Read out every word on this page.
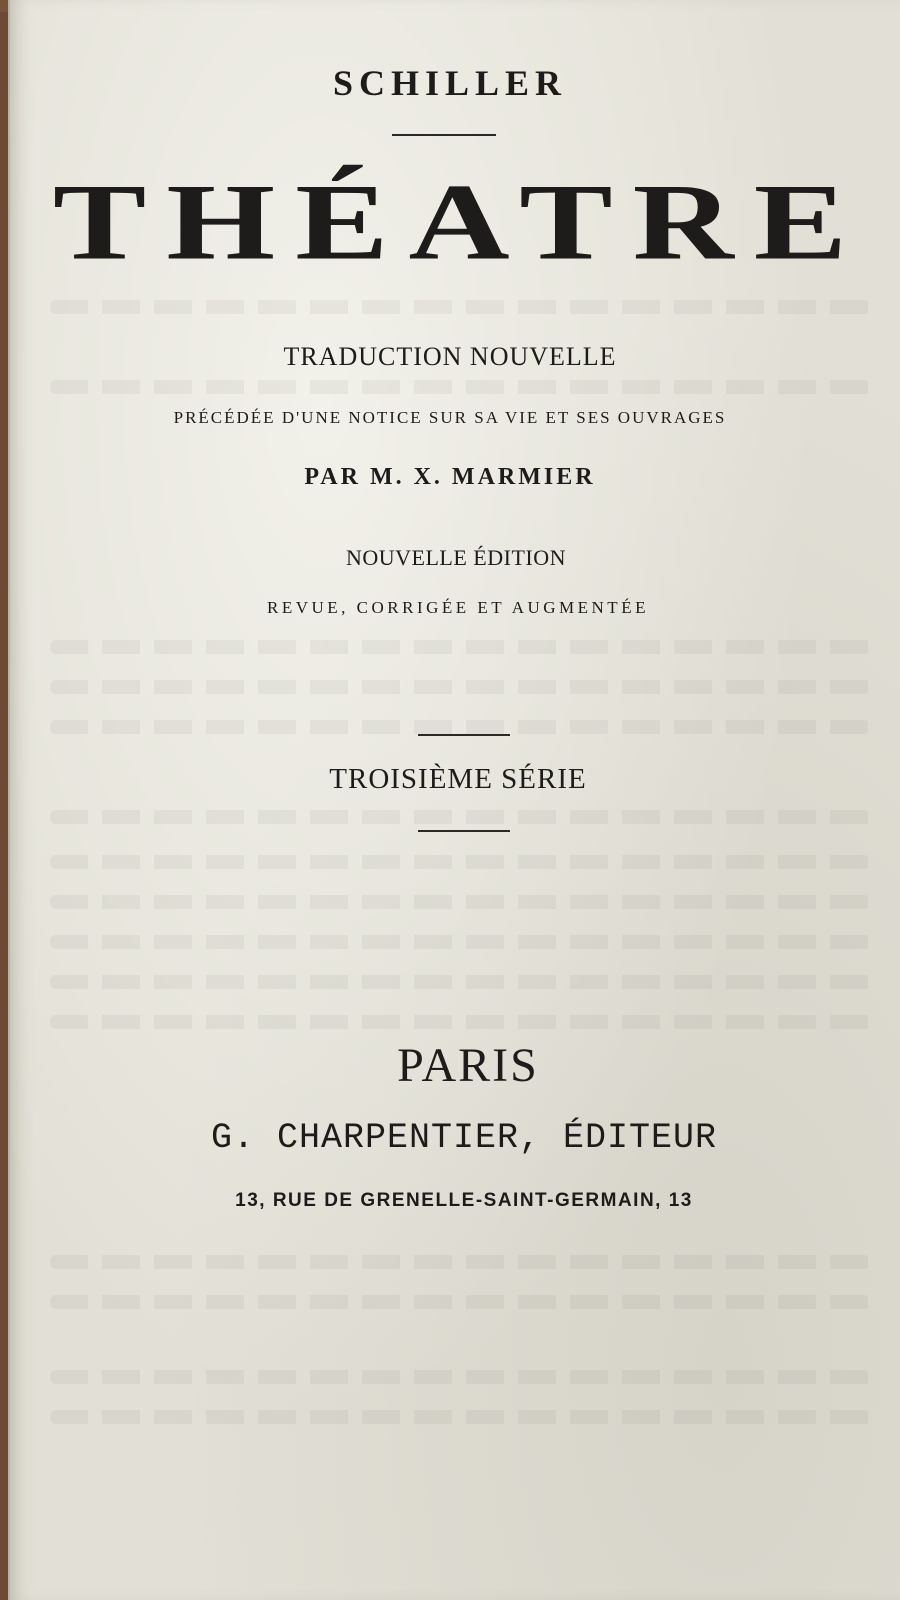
SCHILLER
THÉATRE
TRADUCTION NOUVELLE
PRÉCÉDÉE D'UNE NOTICE SUR SA VIE ET SES OUVRAGES
PAR M. X. MARMIER
NOUVELLE ÉDITION
REVUE, CORRIGÉE ET AUGMENTÉE
TROISIÈME SÉRIE
PARIS
G. CHARPENTIER, ÉDITEUR
13, RUE DE GRENELLE-SAINT-GERMAIN, 13
